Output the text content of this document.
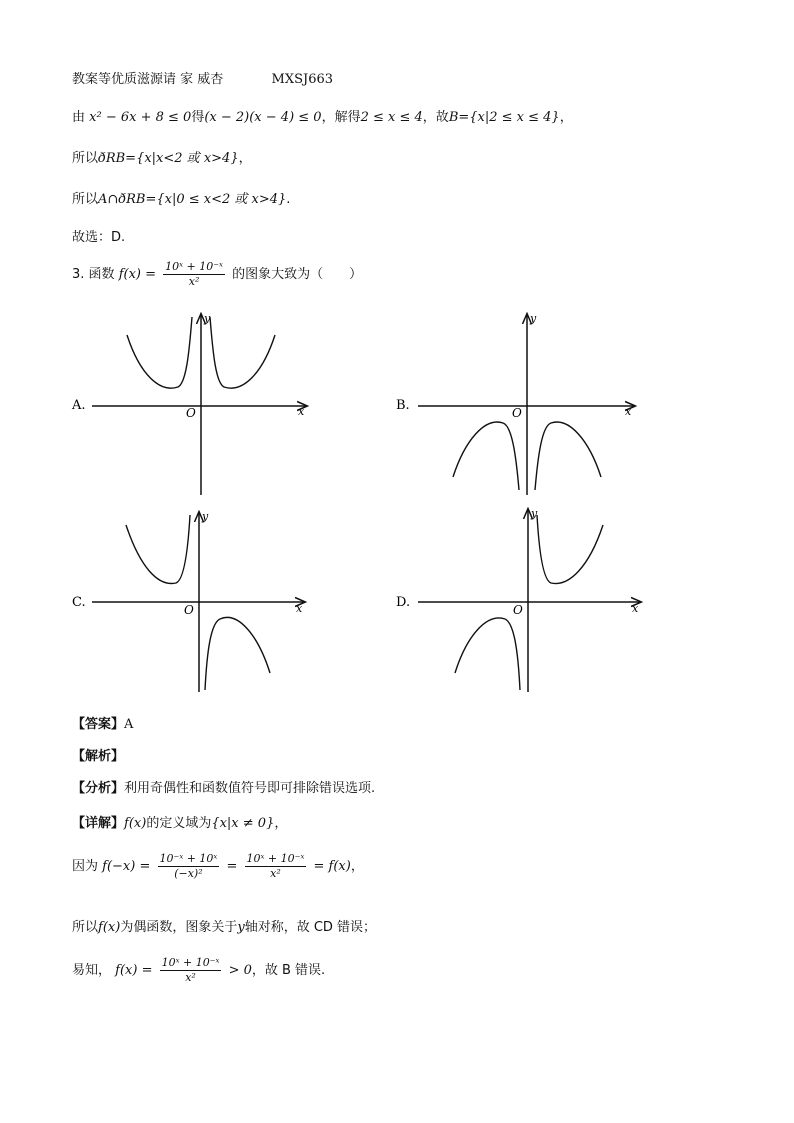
教案等优质滋源请 家 威杏	MXSJ663
由 x² − 6x + 8 ≤ 0得(x − 2)(x − 4) ≤ 0，解得2 ≤ x ≤ 4，故B={x|2 ≤ x ≤ 4}，
所以ðRB={x|x<2 或 x>4}，
所以A∩ðRB={x|0 ≤ x<2 或 x>4}.
故选：D.
3. 函数 $f(x) = \frac{\text{10ˣ + 10⁻ˣ}}{\text{x²}}$ 的图象大致为（　　）
A.	O	x
y
B.	O	x
y
C.	O	x
y
D.	O	x
y
【答案】A
【解析】
【分析】利用奇偶性和函数值符号即可排除错误选项.
【详解】f(x)的定义域为{x|x ≠ 0}，
因为 $f(-x) = \frac{\text{10⁻ˣ + 10ˣ}}{\text{(−x)²}} = \frac{\text{10ˣ + 10⁻ˣ}}{\text{x²}} = f(x)$，
所以f(x)为偶函数，图象关于y轴对称，故 CD 错误；
易知， $f(x) = \frac{\text{10ˣ + 10⁻ˣ}}{\text{x²}} > 0$，故 B 错误.
